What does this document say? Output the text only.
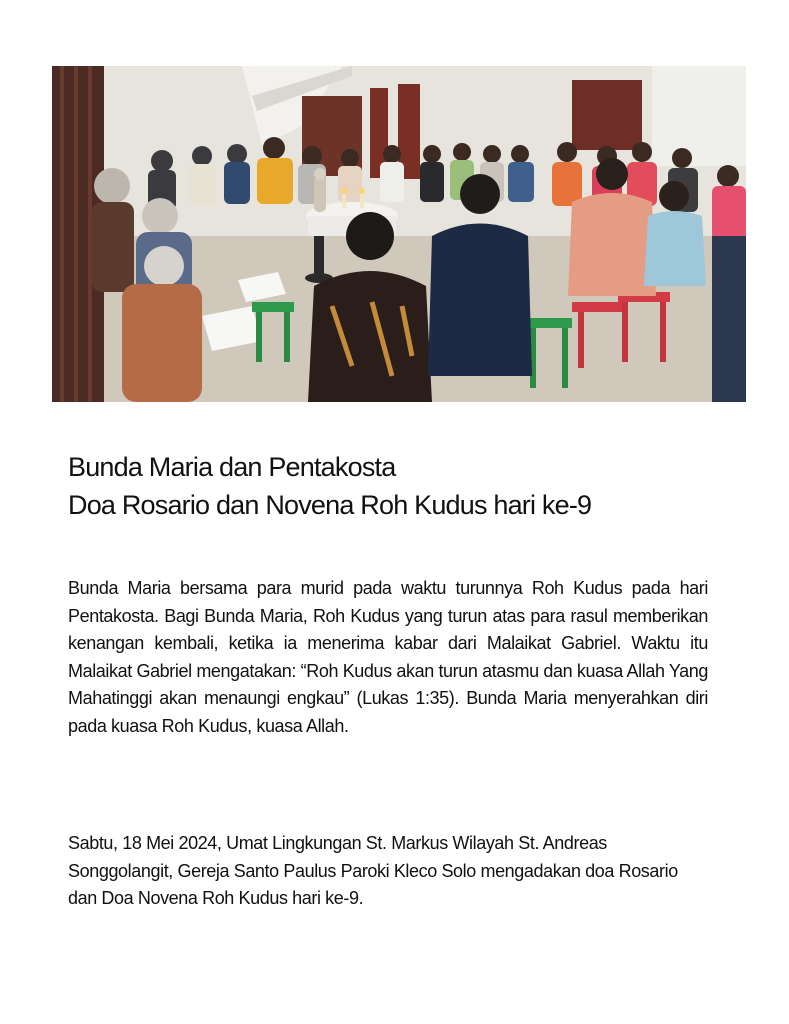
Bunda Maria dan Pentakosta
Doa Rosario dan Novena Roh Kudus hari ke-9

Bunda Maria bersama para murid pada waktu turunnya Roh Kudus pada hari Pentakosta. Bagi Bunda Maria, Roh Kudus yang turun atas para rasul memberikan kenangan kembali, ketika ia menerima kabar dari Malaikat Gabriel. Waktu itu Malaikat Gabriel mengatakan: “Roh Kudus akan turun atasmu dan kuasa Allah Yang Mahatinggi akan menaungi engkau” (Lukas 1:35). Bunda Maria menyerahkan diri pada kuasa Roh Kudus, kuasa Allah.

Sabtu, 18 Mei 2024, Umat Lingkungan St. Markus Wilayah St. Andreas Songgolangit, Gereja Santo Paulus Paroki Kleco Solo mengadakan doa Rosario dan Doa Novena Roh Kudus hari ke-9.
